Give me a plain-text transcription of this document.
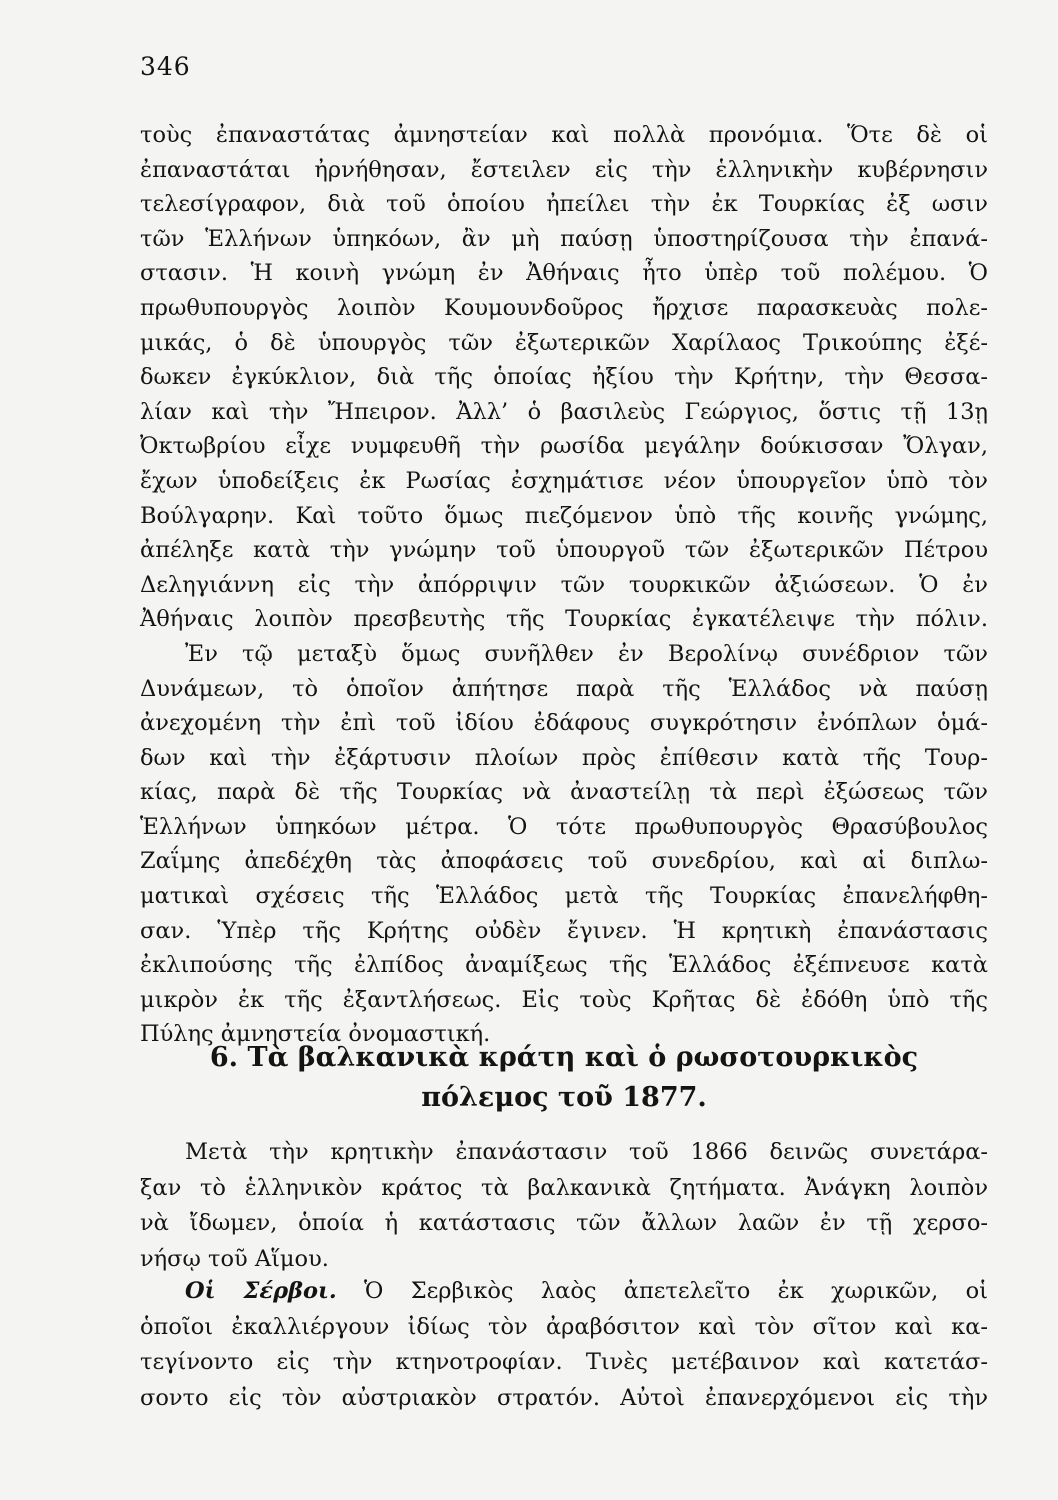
346
τοὺς ἐπαναστάτας ἀμνηστείαν καὶ πολλὰ προνόμια. Ὅτε δὲ οἱ
ἐπαναστάται ἠρνήθησαν, ἔστειλεν εἰς τὴν ἑλληνικὴν κυβέρνησιν
τελεσίγραφον, διὰ τοῦ ὁποίου ἠπείλει τὴν ἐκ Τουρκίας ἐξ ωσιν
τῶν Ἑλλήνων ὑπηκόων, ἂν μὴ παύσῃ ὑποστηρίζουσα τὴν ἐπανά-
στασιν. Ἡ κοινὴ γνώμη ἐν Ἀθήναις ἦτο ὑπὲρ τοῦ πολέμου. Ὁ
πρωθυπουργὸς λοιπὸν Κουμουνδοῦρος ἤρχισε παρασκευὰς πολε-
μικάς, ὁ δὲ ὑπουργὸς τῶν ἐξωτερικῶν Χαρίλαος Τρικούπης ἐξέ-
δωκεν ἐγκύκλιον, διὰ τῆς ὁποίας ἠξίου τὴν Κρήτην, τὴν Θεσσα-
λίαν καὶ τὴν Ἤπειρον. Ἀλλ’ ὁ βασιλεὺς Γεώργιος, ὅστις τῇ 13ῃ
Ὀκτωβρίου εἶχε νυμφευθῆ τὴν ρωσίδα μεγάλην δούκισσαν Ὄλγαν,
ἔχων ὑποδείξεις ἐκ Ρωσίας ἐσχημάτισε νέον ὑπουργεῖον ὑπὸ τὸν
Βούλγαρην. Καὶ τοῦτο ὅμως πιεζόμενον ὑπὸ τῆς κοινῆς γνώμης,
ἀπέληξε κατὰ τὴν γνώμην τοῦ ὑπουργοῦ τῶν ἐξωτερικῶν Πέτρου
Δεληγιάννη εἰς τὴν ἀπόρριψιν τῶν τουρκικῶν ἀξιώσεων. Ὁ ἐν
Ἀθήναις λοιπὸν πρεσβευτὴς τῆς Τουρκίας ἐγκατέλειψε τὴν πόλιν.
Ἐν τῷ μεταξὺ ὅμως συνῆλθεν ἐν Βερολίνῳ συνέδριον τῶν
Δυνάμεων, τὸ ὁποῖον ἀπήτησε παρὰ τῆς Ἑλλάδος νὰ παύσῃ
ἀνεχομένη τὴν ἐπὶ τοῦ ἰδίου ἐδάφους συγκρότησιν ἐνόπλων ὁμά-
δων καὶ τὴν ἐξάρτυσιν πλοίων πρὸς ἐπίθεσιν κατὰ τῆς Τουρ-
κίας, παρὰ δὲ τῆς Τουρκίας νὰ ἀναστείλῃ τὰ περὶ ἐξώσεως τῶν
Ἑλλήνων ὑπηκόων μέτρα. Ὁ τότε πρωθυπουργὸς Θρασύβουλος
Ζαΐμης ἀπεδέχθη τὰς ἀποφάσεις τοῦ συνεδρίου, καὶ αἱ διπλω-
ματικαὶ σχέσεις τῆς Ἑλλάδος μετὰ τῆς Τουρκίας ἐπανελήφθη-
σαν. Ὑπὲρ τῆς Κρήτης οὐδὲν ἔγινεν. Ἡ κρητικὴ ἐπανάστασις
ἐκλιπούσης τῆς ἐλπίδος ἀναμίξεως τῆς Ἑλλάδος ἐξέπνευσε κατὰ
μικρὸν ἐκ τῆς ἐξαντλήσεως. Εἰς τοὺς Κρῆτας δὲ ἐδόθη ὑπὸ τῆς
Πύλης ἀμνηστεία ὀνομαστική.
6. Τὰ βαλκανικὰ κράτη καὶ ὁ ρωσοτουρκικὸς
πόλεμος τοῦ 1877.
Μετὰ τὴν κρητικὴν ἐπανάστασιν τοῦ 1866 δεινῶς συνετάρα-
ξαν τὸ ἑλληνικὸν κράτος τὰ βαλκανικὰ ζητήματα. Ἀνάγκη λοιπὸν
νὰ ἴδωμεν, ὁποία ἡ κατάστασις τῶν ἄλλων λαῶν ἐν τῇ χερσο-
νήσῳ τοῦ Αἵμου.
Οἱ Σέρβοι. Ὁ Σερβικὸς λαὸς ἀπετελεῖτο ἐκ χωρικῶν, οἱ
ὁποῖοι ἐκαλλιέργουν ἰδίως τὸν ἀραβόσιτον καὶ τὸν σῖτον καὶ κα-
τεγίνοντο εἰς τὴν κτηνοτροφίαν. Τινὲς μετέβαινον καὶ κατετάσ-
σοντο εἰς τὸν αὐστριακὸν στρατόν. Αὐτοὶ ἐπανερχόμενοι εἰς τὴν
